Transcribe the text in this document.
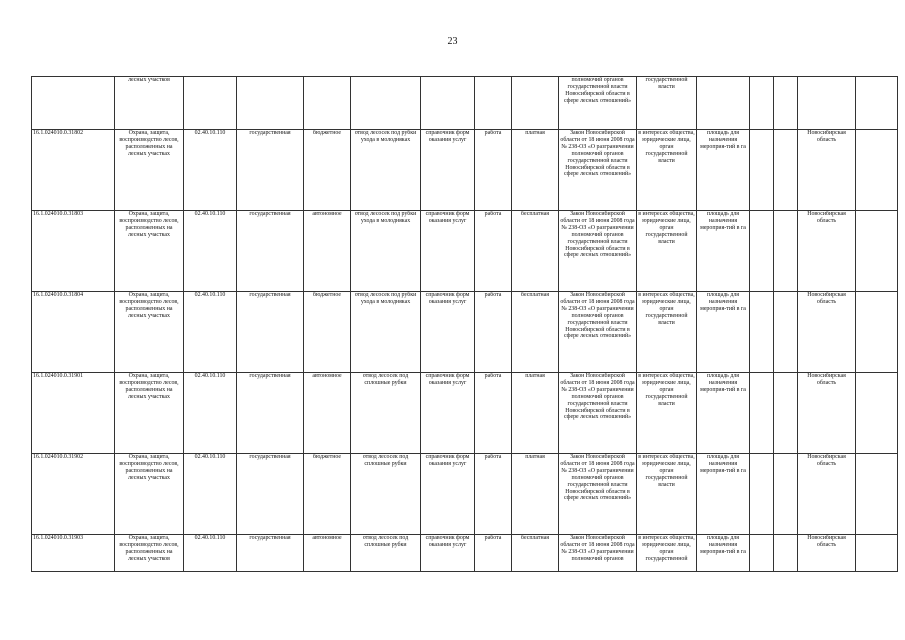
23
	лесных участков								полномочий органов государственной власти Новосибирской области в сфере лесных отношений»	государственной власти					
16.1.024010.0.31802	Охрана, защита, воспроизводство лесов, расположенных на лесных участках	02.40.10.110	государственная	бюджетное	отвод лесосек под рубки ухода в молодняках	справочник форм оказания услуг	работа	платная	Закон Новосибирской области от 18 июня 2008 года № 238-ОЗ «О разграничении полномочий органов государственной власти Новосибирской области в сфере лесных отношений»	в интересах общества, юридические лица, орган государственной власти	площадь для назначения мероприя-тий в га			Новосибирская область	
16.1.024010.0.31803	Охрана, защита, воспроизводство лесов, расположенных на лесных участках	02.40.10.110	государственная	автономное	отвод лесосек под рубки ухода в молодняках	справочник форм оказания услуг	работа	бесплатная	Закон Новосибирской области от 18 июня 2008 года № 238-ОЗ «О разграничении полномочий органов государственной власти Новосибирской области в сфере лесных отношений»	в интересах общества, юридические лица, орган государственной власти	площадь для назначения мероприя-тий в га			Новосибирская область	
16.1.024010.0.31804	Охрана, защита, воспроизводство лесов, расположенных на лесных участках	02.40.10.110	государственная	бюджетное	отвод лесосек под рубки ухода в молодняках	справочник форм оказания услуг	работа	бесплатная	Закон Новосибирской области от 18 июня 2008 года № 238-ОЗ «О разграничении полномочий органов государственной власти Новосибирской области в сфере лесных отношений»	в интересах общества, юридические лица, орган государственной власти	площадь для назначения мероприя-тий в га			Новосибирская область	
16.1.024010.0.31901	Охрана, защита, воспроизводство лесов, расположенных на лесных участках	02.40.10.110	государственная	автономное	отвод лесосек под сплошные рубки	справочник форм оказания услуг	работа	платная	Закон Новосибирской области от 18 июня 2008 года № 238-ОЗ «О разграничении полномочий органов государственной власти Новосибирской области в сфере лесных отношений»	в интересах общества, юридические лица, орган государственной власти	площадь для назначения мероприя-тий в га			Новосибирская область	
16.1.024010.0.31902	Охрана, защита, воспроизводство лесов, расположенных на лесных участках	02.40.10.110	государственная	бюджетное	отвод лесосек под сплошные рубки	справочник форм оказания услуг	работа	платная	Закон Новосибирской области от 18 июня 2008 года № 238-ОЗ «О разграничении полномочий органов государственной власти Новосибирской области в сфере лесных отношений»	в интересах общества, юридические лица, орган государственной власти	площадь для назначения мероприя-тий в га			Новосибирская область	
16.1.024010.0.31903	Охрана, защита, воспроизводство лесов, расположенных на лесных участков	02.40.10.110	государственная	автономное	отвод лесосек под сплошные рубки	справочник форм оказания услуг	работа	бесплатная	Закон Новосибирской области от 18 июня 2008 года № 238-ОЗ «О разграничении полномочий органов	в интересах общества, юридические лица, орган государственной	площадь для назначения мероприя-тий в га			Новосибирская область	
